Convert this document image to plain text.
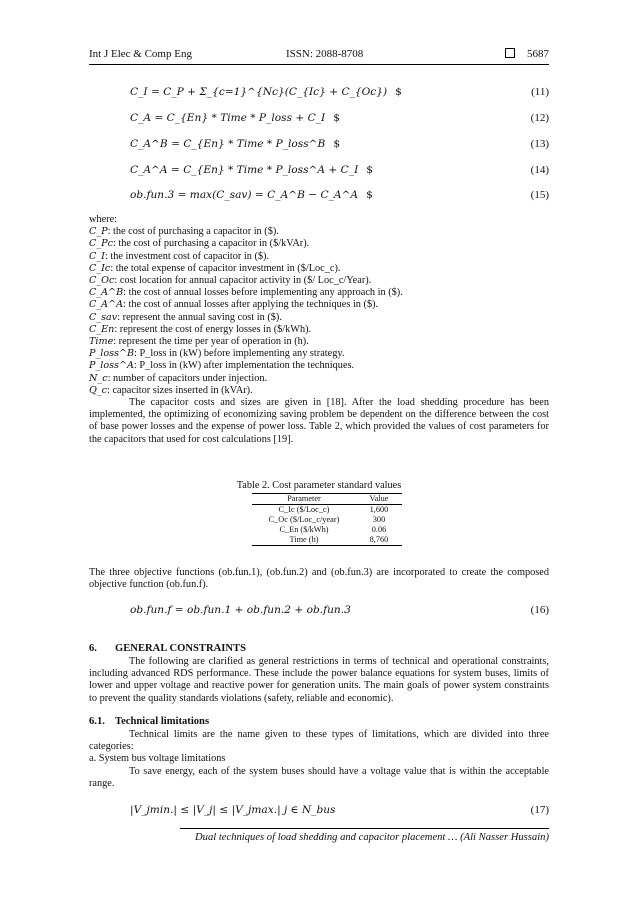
Int J Elec & Comp Eng	ISSN: 2088-8708	5687
C_I = C_P + Σ_{c=1}^{Nc}(C_{Ic} + C_{Oc}) $	(11)
C_A = C_{En} * Time * P_loss + C_I $	(12)
C_A^B = C_{En} * Time * P_loss^B $	(13)
C_A^A = C_{En} * Time * P_loss^A + C_I $	(14)
ob.fun.3 = max(C_sav) = C_A^B − C_A^A $	(15)
where:
C_P: the cost of purchasing a capacitor in ($).
C_Pc: the cost of purchasing a capacitor in ($/kVAr).
C_I: the investment cost of capacitor in ($).
C_Ic: the total expense of capacitor investment in ($/Loc_c).
C_Oc: cost location for annual capacitor activity in ($/ Loc_c/Year).
C_A^B: the cost of annual losses before implementing any approach in ($).
C_A^A: the cost of annual losses after applying the techniques in ($).
C_sav: represent the annual saving cost in ($).
C_En: represent the cost of energy losses in ($/kWh).
Time: represent the time per year of operation in (h).
P_loss^B: P_loss in (kW) before implementing any strategy.
P_loss^A: P_loss in (kW) after implementation the techniques.
N_c: number of capacitors under injection.
Q_c: capacitor sizes inserted in (kVAr).
The capacitor costs and sizes are given in [18]. After the load shedding procedure has been implemented, the optimizing of economizing saving problem be dependent on the difference between the cost of base power losses and the expense of power loss. Table 2, which provided the values of cost parameters for the capacitors that used for cost calculations [19].
Table 2. Cost parameter standard values
Parameter	Value
C_Ic ($/Loc_c)	1,600
C_Oc ($/Loc_c/year)	300
C_En ($/kWh)	0.06
Time (h)	8,760
The three objective functions (ob.fun.1), (ob.fun.2) and (ob.fun.3) are incorporated to create the composed objective function (ob.fun.f).
ob.fun.f = ob.fun.1 + ob.fun.2 + ob.fun.3	(16)
6. GENERAL CONSTRAINTS
The following are clarified as general restrictions in terms of technical and operational constraints, including advanced RDS performance. These include the power balance equations for system buses, limits of lower and upper voltage and reactive power for generation units. The main goals of power system constraints to prevent the quality standards violations (safety, reliable and economic).
6.1. Technical limitations
Technical limits are the name given to these types of limitations, which are divided into three categories:
a. System bus voltage limitations
To save energy, each of the system buses should have a voltage value that is within the acceptable range.
|V_jmin.| ≤ |V_j| ≤ |V_jmax.| j ∈ N_bus	(17)
Dual techniques of load shedding and capacitor placement … (Ali Nasser Hussain)
